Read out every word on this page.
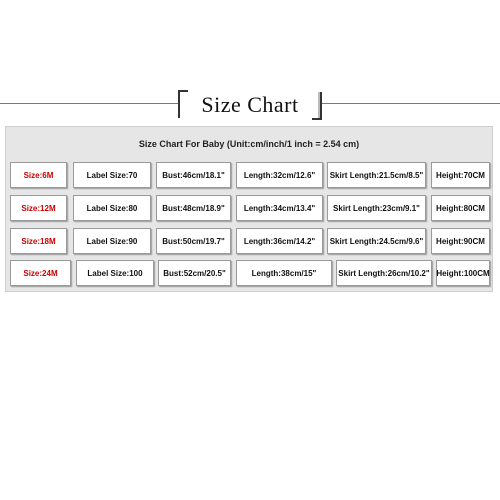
Size Chart
Size Chart For Baby (Unit:cm/inch/1 inch = 2.54 cm)
Size:6M	Label Size:70	Bust:46cm/18.1"	Length:32cm/12.6"	Skirt Length:21.5cm/8.5"	Height:70CM
Size:12M	Label Size:80	Bust:48cm/18.9"	Length:34cm/13.4"	Skirt Length:23cm/9.1"	Height:80CM
Size:18M	Label Size:90	Bust:50cm/19.7"	Length:36cm/14.2"	Skirt Length:24.5cm/9.6"	Height:90CM
Size:24M	Label Size:100	Bust:52cm/20.5"	Length:38cm/15"	Skirt Length:26cm/10.2" Height:100CM
